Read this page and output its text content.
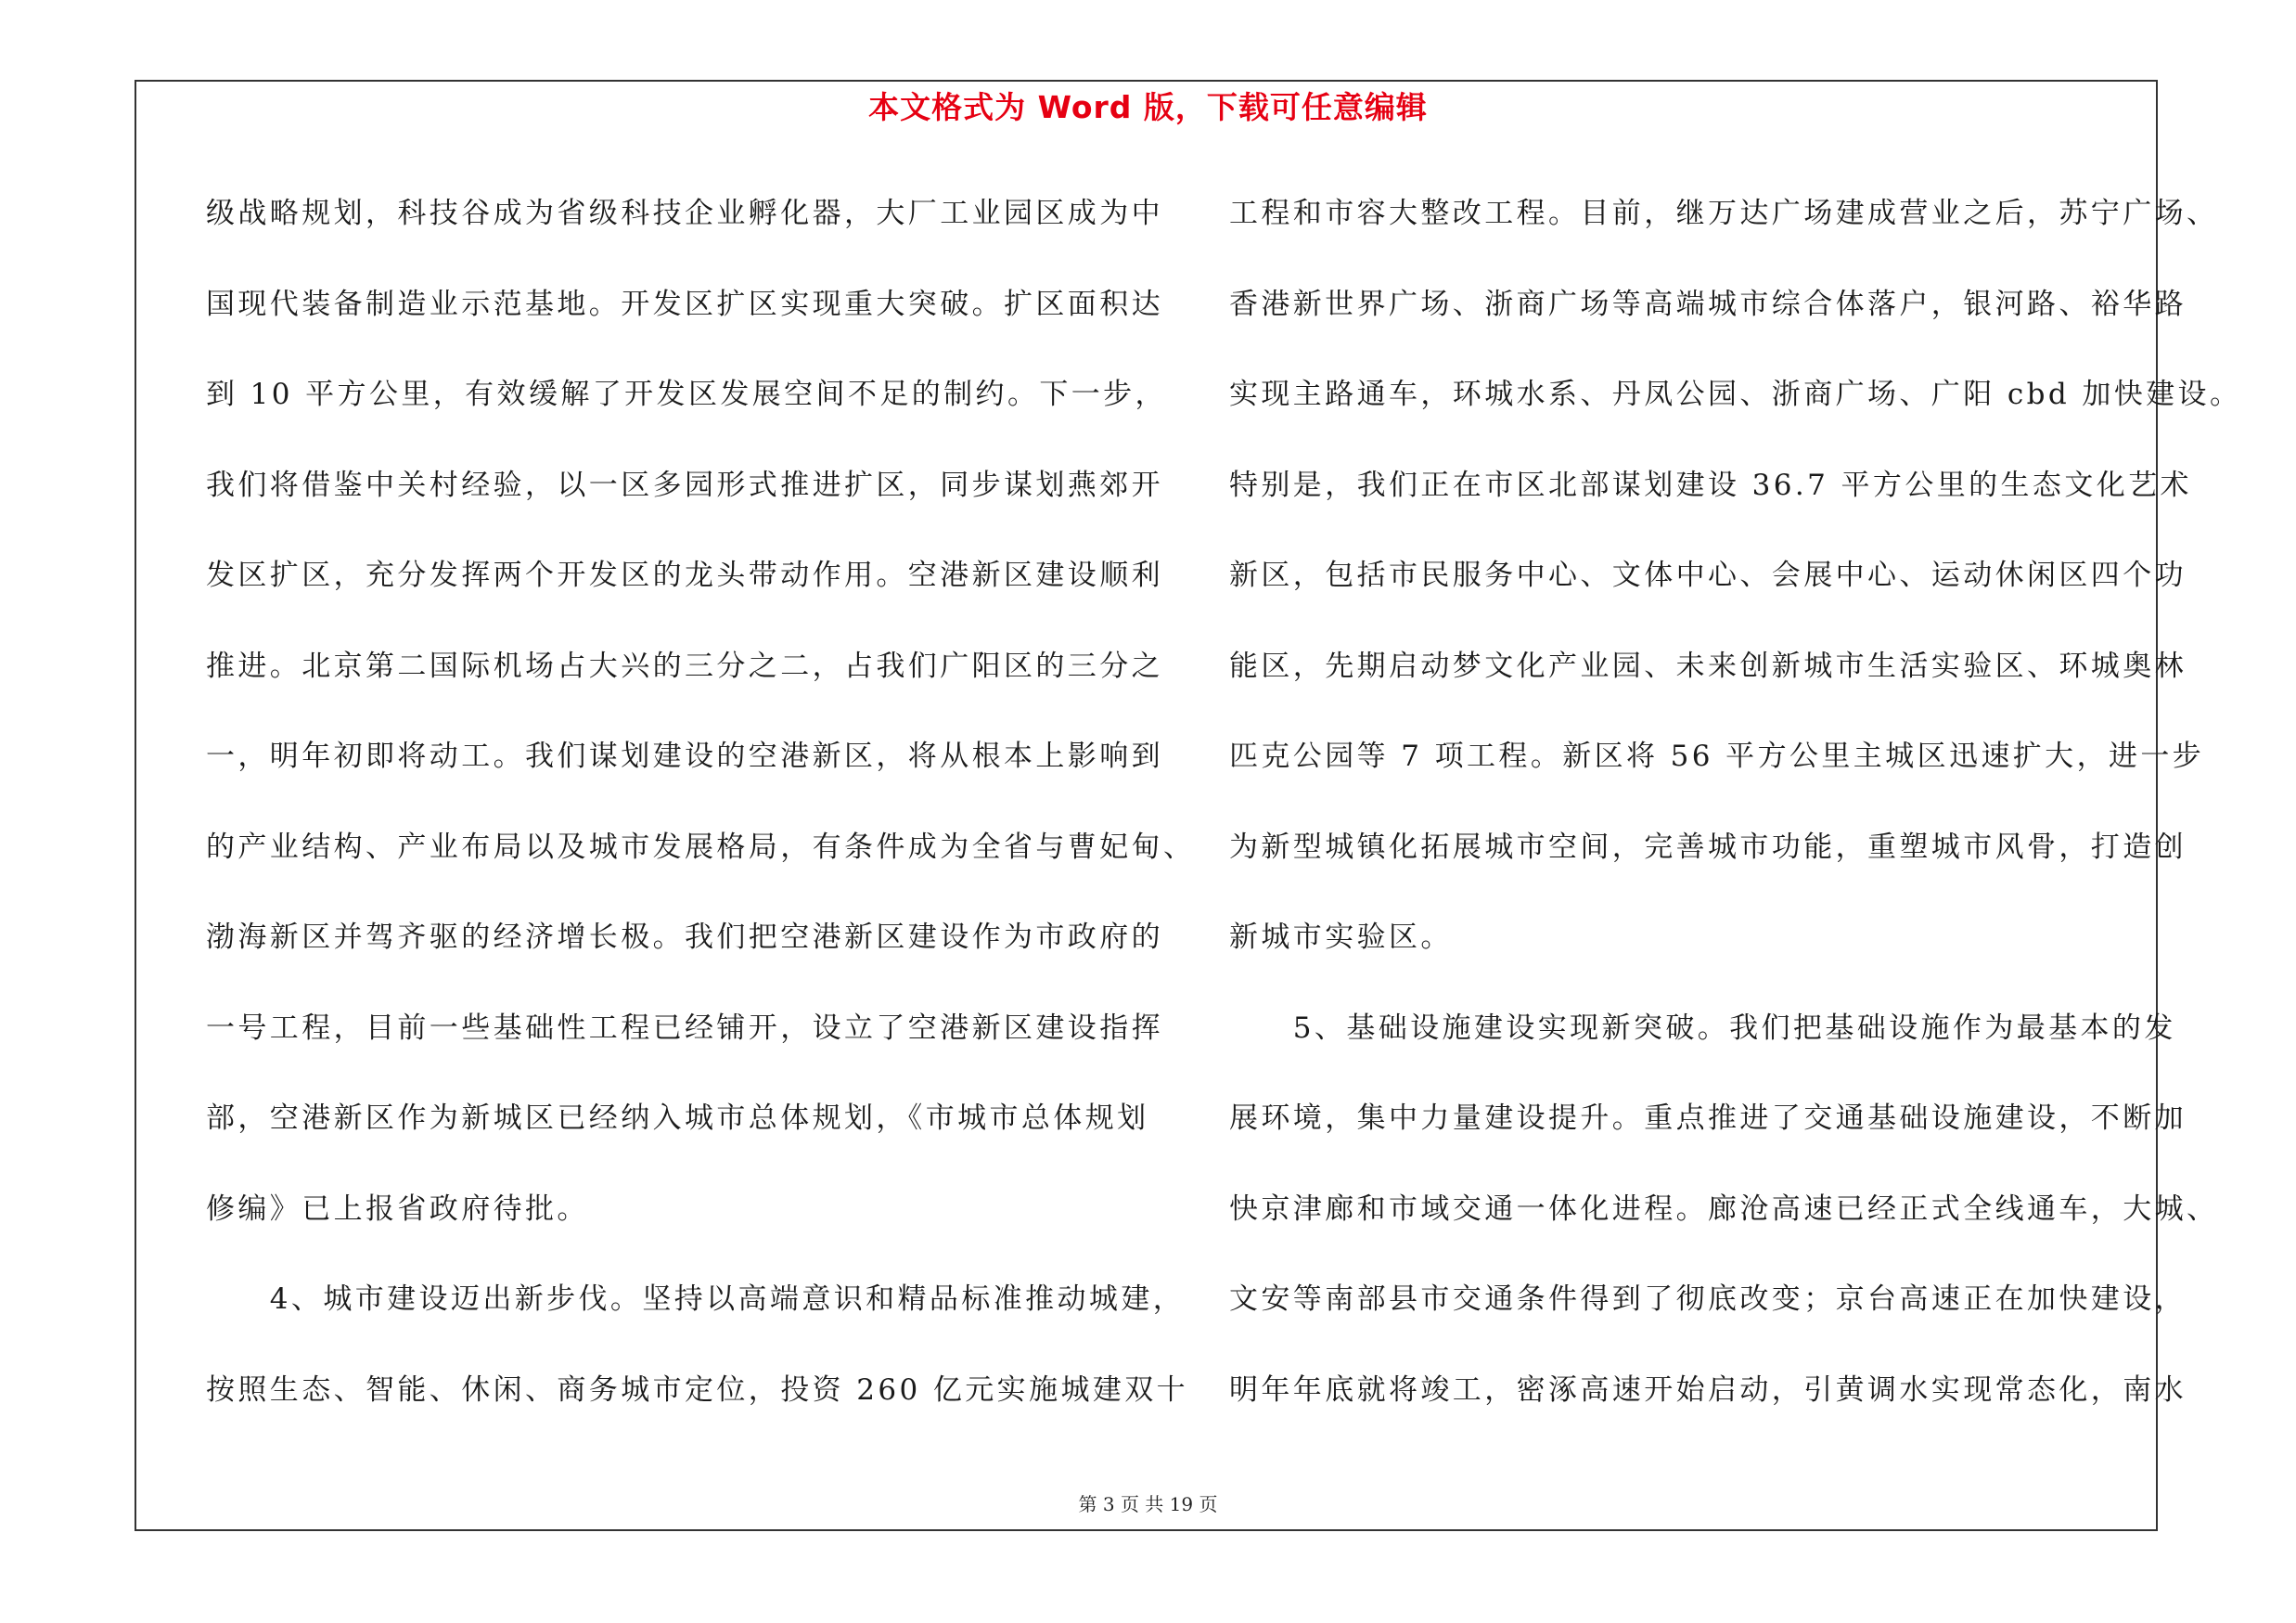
本文格式为 Word 版，下载可任意编辑
级战略规划，科技谷成为省级科技企业孵化器，大厂工业园区成为中
国现代装备制造业示范基地。开发区扩区实现重大突破。扩区面积达
到 10 平方公里，有效缓解了开发区发展空间不足的制约。下一步，
我们将借鉴中关村经验，以一区多园形式推进扩区，同步谋划燕郊开
发区扩区，充分发挥两个开发区的龙头带动作用。空港新区建设顺利
推进。北京第二国际机场占大兴的三分之二，占我们广阳区的三分之
一，明年初即将动工。我们谋划建设的空港新区，将从根本上影响到
的产业结构、产业布局以及城市发展格局，有条件成为全省与曹妃甸、
渤海新区并驾齐驱的经济增长极。我们把空港新区建设作为市政府的
一号工程，目前一些基础性工程已经铺开，设立了空港新区建设指挥
部，空港新区作为新城区已经纳入城市总体规划，《市城市总体规划
修编》已上报省政府待批。
　　4、城市建设迈出新步伐。坚持以高端意识和精品标准推动城建，
按照生态、智能、休闲、商务城市定位，投资 260 亿元实施城建双十
工程和市容大整改工程。目前，继万达广场建成营业之后，苏宁广场、
香港新世界广场、浙商广场等高端城市综合体落户，银河路、裕华路
实现主路通车，环城水系、丹凤公园、浙商广场、广阳 cbd 加快建设。
特别是，我们正在市区北部谋划建设 36.7 平方公里的生态文化艺术
新区，包括市民服务中心、文体中心、会展中心、运动休闲区四个功
能区，先期启动梦文化产业园、未来创新城市生活实验区、环城奥林
匹克公园等 7 项工程。新区将 56 平方公里主城区迅速扩大，进一步
为新型城镇化拓展城市空间，完善城市功能，重塑城市风骨，打造创
新城市实验区。
　　5、基础设施建设实现新突破。我们把基础设施作为最基本的发
展环境，集中力量建设提升。重点推进了交通基础设施建设，不断加
快京津廊和市域交通一体化进程。廊沧高速已经正式全线通车，大城、
文安等南部县市交通条件得到了彻底改变；京台高速正在加快建设，
明年年底就将竣工，密涿高速开始启动，引黄调水实现常态化，南水
第 3 页 共 19 页
